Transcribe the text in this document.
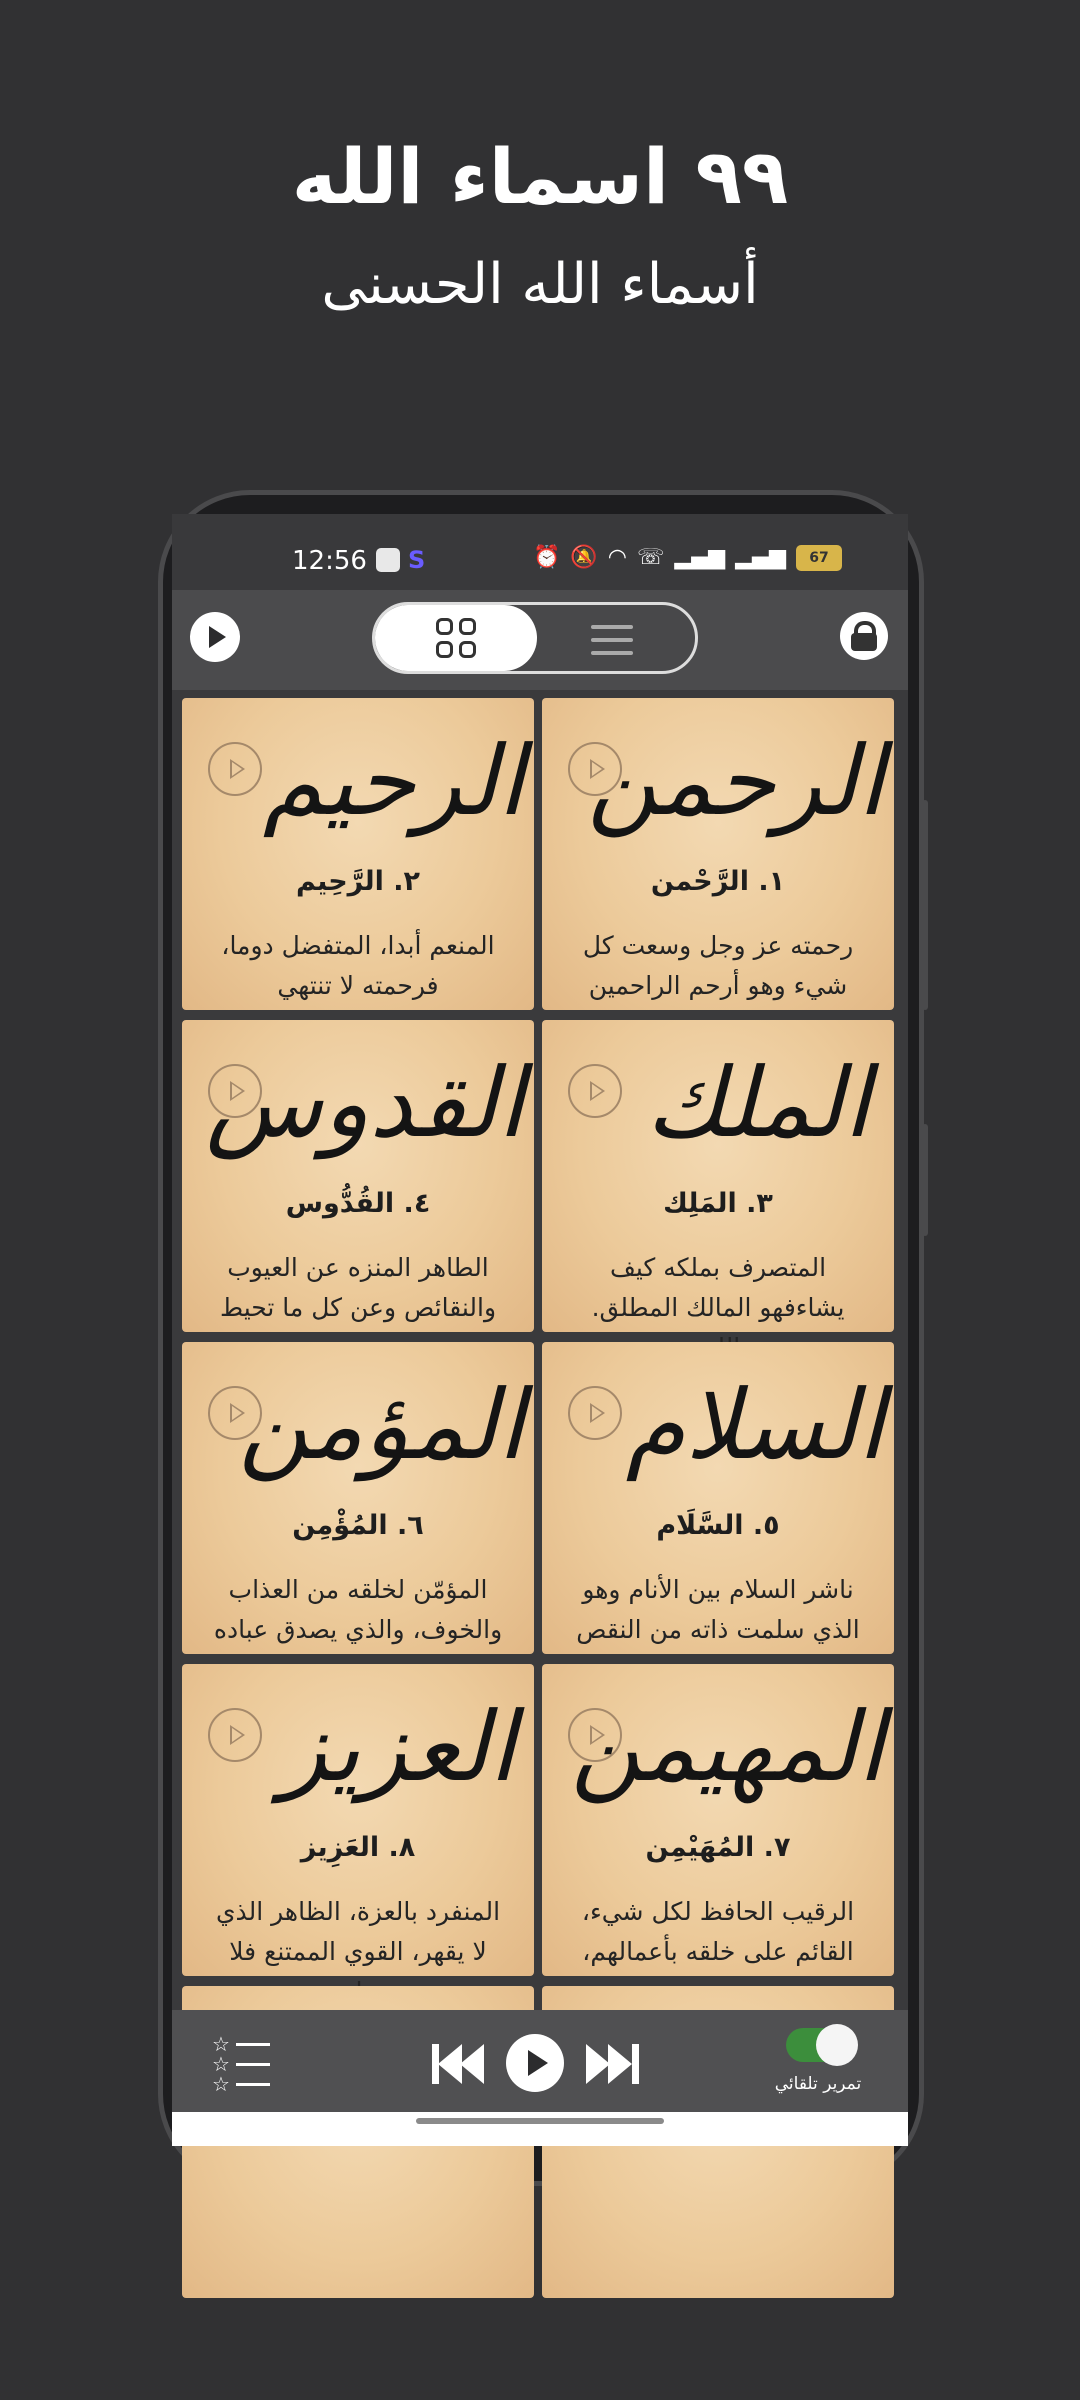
٩٩ اسماء الله
أسماء الله الحسنى
12:56 S	⏰ 🔕 ◠ ☏ ▂▄▆ ▂▄▆	67
الرحمن
١. الرَّحْمن
رحمته عز وجل وسعت كل شيء وهو أرحم الراحمين
الرحيم
٢. الرَّحِيم
المنعم أبدا، المتفضل دوما، فرحمته لا تنتهي
الملك
٣. المَلِك
المتصرف بملكه كيف يشاءفهو المالك المطلق.
القدوس
٤. القُدُّوس
الطاهر المنزه عن العيوب والنقائص وعن كل ما تحيط
السلام
٥. السَّلَام
ناشر السلام بين الأنام وهو الذي سلمت ذاته من النقص
المؤمن
٦. المُؤْمِن
المؤمّن لخلقه من العذاب والخوف، والذي يصدق عباده
المهيمن
٧. المُهَيْمِن
الرقيب الحافظ لكل شيء، القائم على خلقه بأعمالهم،
العزيز
٨. العَزِيز
المنفرد بالعزة، الظاهر الذي لا يقهر، القوي الممتنع فلا
☆
☆
☆	تمرير تلقائي
